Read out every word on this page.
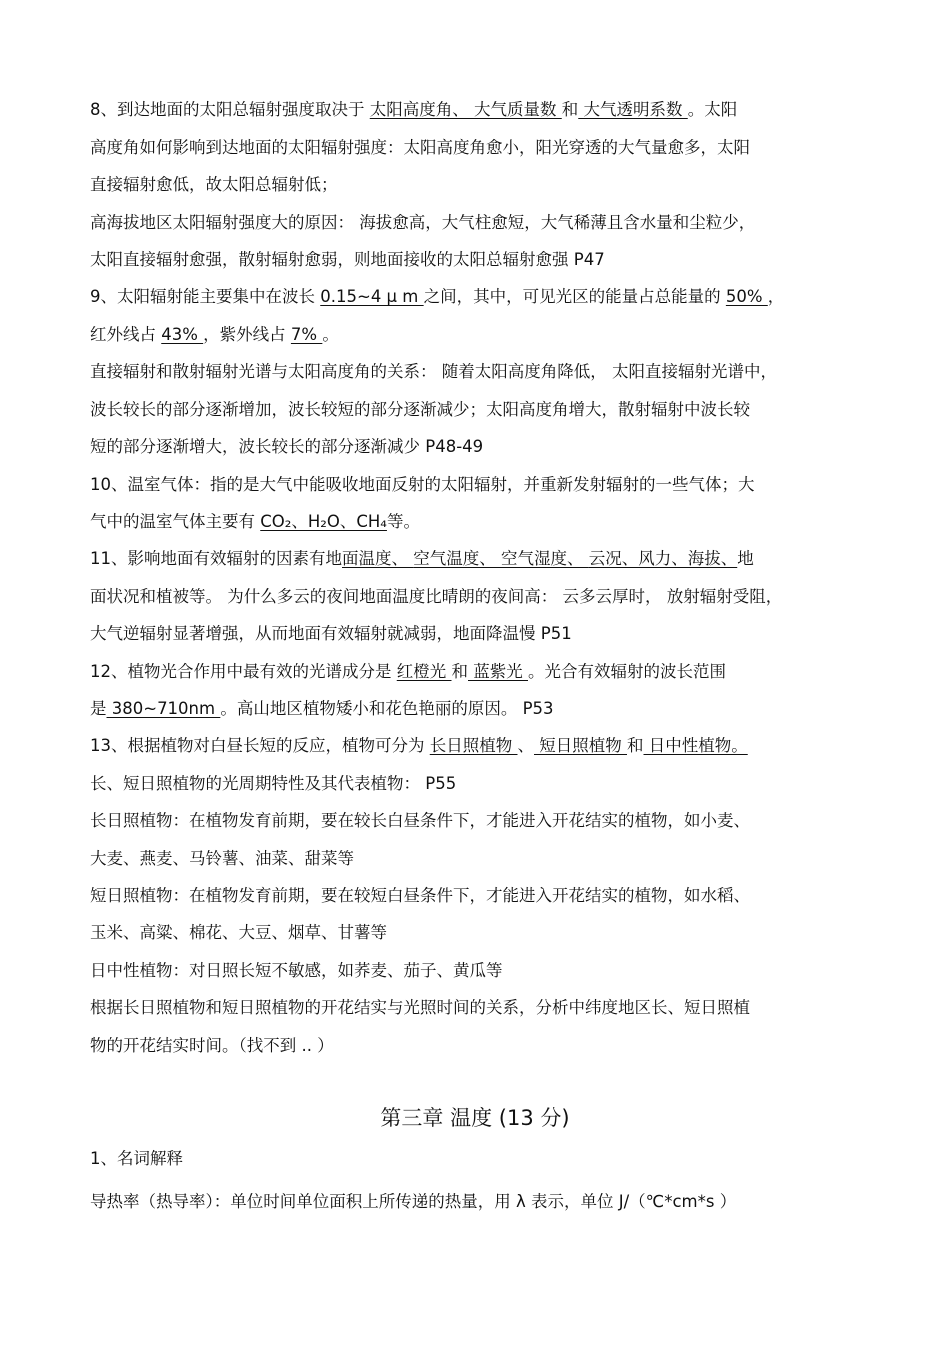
8、到达地面的太阳总辐射强度取决于 太阳高度角、 大气质量数 和 大气透明系数 。太阳
高度角如何影响到达地面的太阳辐射强度：太阳高度角愈小，阳光穿透的大气量愈多，太阳
直接辐射愈低，故太阳总辐射低；
高海拔地区太阳辐射强度大的原因： 海拔愈高，大气柱愈短，大气稀薄且含水量和尘粒少，
太阳直接辐射愈强，散射辐射愈弱，则地面接收的太阳总辐射愈强 P47
9、太阳辐射能主要集中在波长 0.15~4 μ m 之间，其中，可见光区的能量占总能量的 50% ，
红外线占 43% ，紫外线占 7% 。
直接辐射和散射辐射光谱与太阳高度角的关系： 随着太阳高度角降低， 太阳直接辐射光谱中，
波长较长的部分逐渐增加，波长较短的部分逐渐减少；太阳高度角增大，散射辐射中波长较
短的部分逐渐增大，波长较长的部分逐渐减少 P48-49
10、温室气体：指的是大气中能吸收地面反射的太阳辐射，并重新发射辐射的一些气体；大
气中的温室气体主要有 CO₂、H₂O、CH₄等。
11、影响地面有效辐射的因素有地面温度、 空气温度、 空气湿度、 云况、风力、海拔、地
面状况和植被等。 为什么多云的夜间地面温度比晴朗的夜间高： 云多云厚时， 放射辐射受阻，
大气逆辐射显著增强，从而地面有效辐射就减弱，地面降温慢 P51
12、植物光合作用中最有效的光谱成分是 红橙光 和 蓝紫光 。光合有效辐射的波长范围
是 380~710nm 。高山地区植物矮小和花色艳丽的原因。 P53
13、根据植物对白昼长短的反应，植物可分为 长日照植物 、 短日照植物 和 日中性植物。
长、短日照植物的光周期特性及其代表植物： P55
长日照植物：在植物发育前期，要在较长白昼条件下，才能进入开花结实的植物，如小麦、
大麦、燕麦、马铃薯、油菜、甜菜等
短日照植物：在植物发育前期，要在较短白昼条件下，才能进入开花结实的植物，如水稻、
玉米、高粱、棉花、大豆、烟草、甘薯等
日中性植物：对日照长短不敏感，如荞麦、茄子、黄瓜等
根据长日照植物和短日照植物的开花结实与光照时间的关系，分析中纬度地区长、短日照植
物的开花结实时间。（找不到 .. ）
第三章 温度 (13 分)
1、名词解释
导热率（热导率）：单位时间单位面积上所传递的热量，用 λ 表示，单位 J/（℃*cm*s ）
